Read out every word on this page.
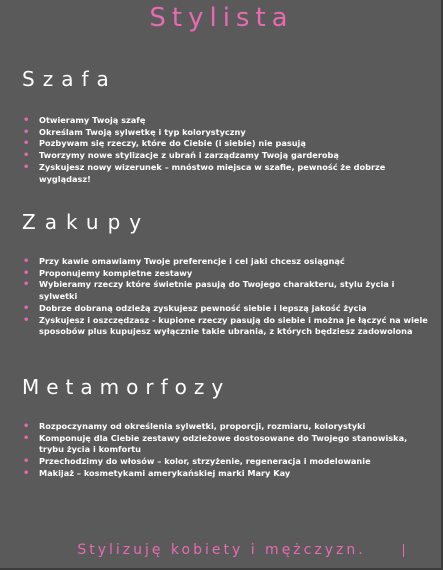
Stylista
Szafa
• Otwieramy Twoją szafę
• Określam Twoją sylwetkę i typ kolorystyczny
• Pozbywam się rzeczy, które do Ciebie (i siebie) nie pasują
• Tworzymy nowe stylizacje z ubrań i zarządzamy Twoją garderobą
• Zyskujesz nowy wizerunek – mnóstwo miejsca w szafie, pewność że dobrze wyglądasz!
Zakupy
• Przy kawie omawiamy Twoje preferencje i cel jaki chcesz osiągnąć
• Proponujemy kompletne zestawy
• Wybieramy rzeczy które świetnie pasują do Twojego charakteru, stylu życia i sylwetki
• Dobrze dobraną odzieżą zyskujesz pewność siebie i lepszą jakość życia
• Zyskujesz i oszczędzasz - kupione rzeczy pasują do siebie i można je łączyć na wiele sposobów plus kupujesz wyłącznie takie ubrania, z których będziesz zadowolona
Metamorfozy
• Rozpoczynamy od określenia sylwetki, proporcji, rozmiaru, kolorystyki
• Komponuję dla Ciebie zestawy odzieżowe dostosowane do Twojego stanowiska, trybu życia i komfortu
• Przechodzimy do włosów – kolor, strzyżenie, regeneracja i modelowanie
• Makijaż – kosmetykami amerykańskiej marki Mary Kay
Stylizuję kobiety i mężczyzn.
